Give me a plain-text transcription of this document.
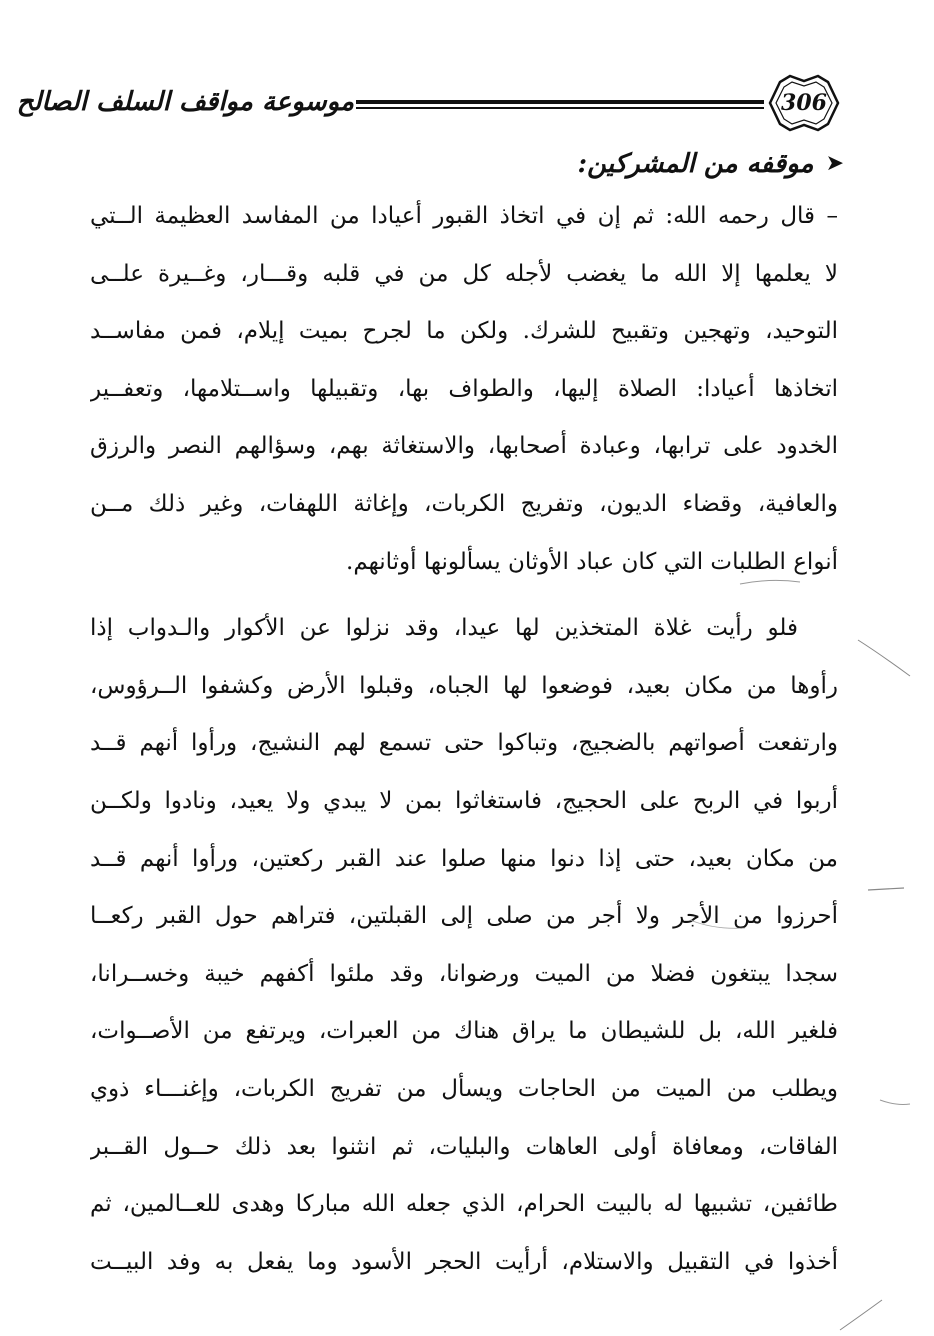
موسوعة مواقف السلف الصالح	306
➤
موقفه من المشركين:
– قال رحمه الله: ثم إن في اتخاذ القبور أعيادا من المفاسد العظيمة الــتي
لا يعلمها إلا الله ما يغضب لأجله كل من في قلبه وقـــار، وغــيرة علــى
التوحيد، وتهجين وتقبيح للشرك. ولكن ما لجرح بميت إيلام، فمن مفاســد
اتخاذها أعيادا: الصلاة إليها، والطواف بها، وتقبيلها واســتلامها، وتعفــير
الخدود على ترابها، وعبادة أصحابها، والاستغاثة بهم، وسؤالهم النصر والرزق
والعافية، وقضاء الديون، وتفريج الكربات، وإغاثة اللهفات، وغير ذلك مــن
أنواع الطلبات التي كان عباد الأوثان يسألونها أوثانهم.
فلو رأيت غلاة المتخذين لها عيدا، وقد نزلوا عن الأكوار والـدواب إذا
رأوها من مكان بعيد، فوضعوا لها الجباه، وقبلوا الأرض وكشفوا الــرؤوس،
وارتفعت أصواتهم بالضجيج، وتباكوا حتى تسمع لهم النشيج، ورأوا أنهم قــد
أربوا في الربح على الحجيج، فاستغاثوا بمن لا يبدي ولا يعيد، ونادوا ولكــن
من مكان بعيد، حتى إذا دنوا منها صلوا عند القبر ركعتين، ورأوا أنهم قــد
أحرزوا من الأجر ولا أجر من صلى إلى القبلتين، فتراهم حول القبر ركعــا
سجدا يبتغون فضلا من الميت ورضوانا، وقد ملئوا أكفهم خيبة وخســرانا،
فلغير الله، بل للشيطان ما يراق هناك من العبرات، ويرتفع من الأصــوات،
ويطلب من الميت من الحاجات ويسأل من تفريج الكربات، وإغنـــاء ذوي
الفاقات، ومعافاة أولى العاهات والبليات، ثم انثنوا بعد ذلك حــول القــبر
طائفين، تشبيها له بالبيت الحرام، الذي جعله الله مباركا وهدى للعــالمين، ثم
أخذوا في التقبيل والاستلام، أرأيت الحجر الأسود وما يفعل به وفد البيــت
